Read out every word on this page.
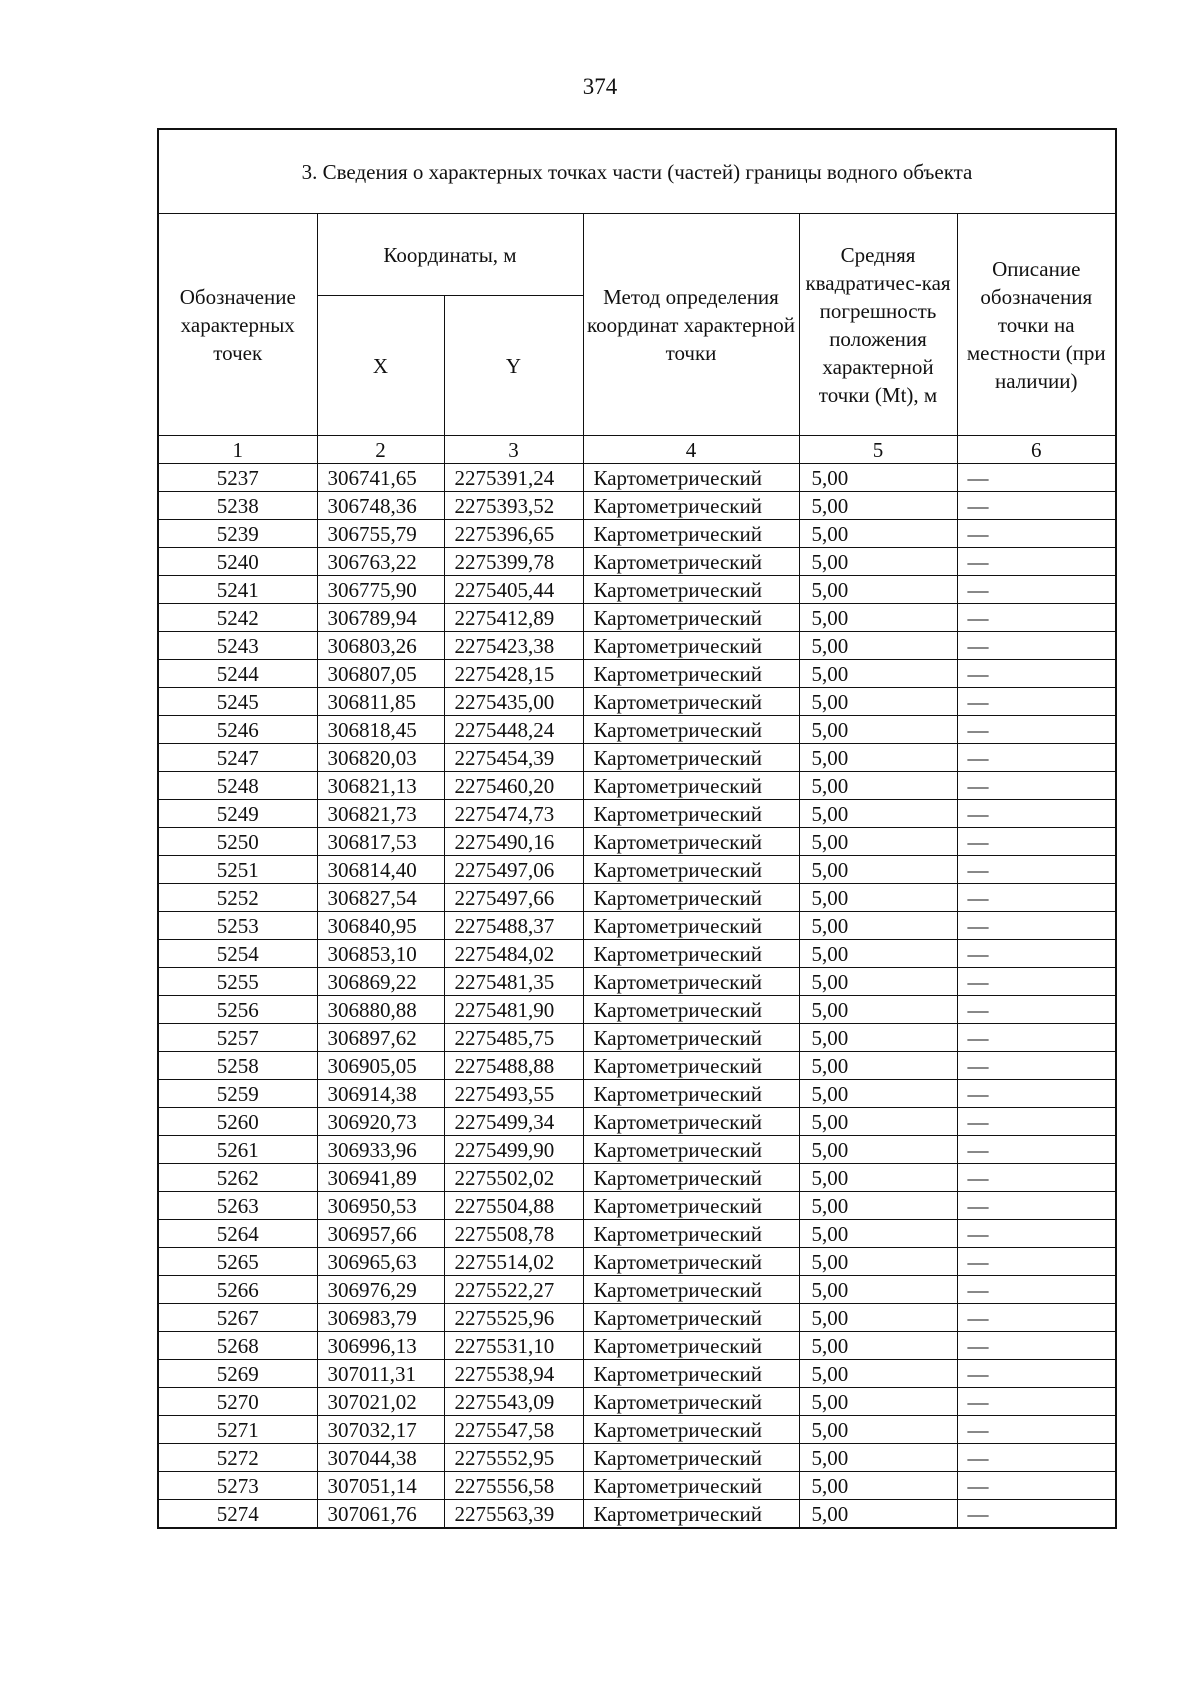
374
3. Сведения о характерных точках части (частей) границы водного объекта					
Обозначение характерных точек	Координаты, м		Метод определения координат характерной точки	Средняя квадратичес-кая погрешность положения характерной точки (Mt), м	Описание обозначения точки на местности (при наличии)
	X	Y			
1	2	3	4	5	6
5237	306741,65	2275391,24	Картометрический	5,00	—
5238	306748,36	2275393,52	Картометрический	5,00	—
5239	306755,79	2275396,65	Картометрический	5,00	—
5240	306763,22	2275399,78	Картометрический	5,00	—
5241	306775,90	2275405,44	Картометрический	5,00	—
5242	306789,94	2275412,89	Картометрический	5,00	—
5243	306803,26	2275423,38	Картометрический	5,00	—
5244	306807,05	2275428,15	Картометрический	5,00	—
5245	306811,85	2275435,00	Картометрический	5,00	—
5246	306818,45	2275448,24	Картометрический	5,00	—
5247	306820,03	2275454,39	Картометрический	5,00	—
5248	306821,13	2275460,20	Картометрический	5,00	—
5249	306821,73	2275474,73	Картометрический	5,00	—
5250	306817,53	2275490,16	Картометрический	5,00	—
5251	306814,40	2275497,06	Картометрический	5,00	—
5252	306827,54	2275497,66	Картометрический	5,00	—
5253	306840,95	2275488,37	Картометрический	5,00	—
5254	306853,10	2275484,02	Картометрический	5,00	—
5255	306869,22	2275481,35	Картометрический	5,00	—
5256	306880,88	2275481,90	Картометрический	5,00	—
5257	306897,62	2275485,75	Картометрический	5,00	—
5258	306905,05	2275488,88	Картометрический	5,00	—
5259	306914,38	2275493,55	Картометрический	5,00	—
5260	306920,73	2275499,34	Картометрический	5,00	—
5261	306933,96	2275499,90	Картометрический	5,00	—
5262	306941,89	2275502,02	Картометрический	5,00	—
5263	306950,53	2275504,88	Картометрический	5,00	—
5264	306957,66	2275508,78	Картометрический	5,00	—
5265	306965,63	2275514,02	Картометрический	5,00	—
5266	306976,29	2275522,27	Картометрический	5,00	—
5267	306983,79	2275525,96	Картометрический	5,00	—
5268	306996,13	2275531,10	Картометрический	5,00	—
5269	307011,31	2275538,94	Картометрический	5,00	—
5270	307021,02	2275543,09	Картометрический	5,00	—
5271	307032,17	2275547,58	Картометрический	5,00	—
5272	307044,38	2275552,95	Картометрический	5,00	—
5273	307051,14	2275556,58	Картометрический	5,00	—
5274	307061,76	2275563,39	Картометрический	5,00	—
